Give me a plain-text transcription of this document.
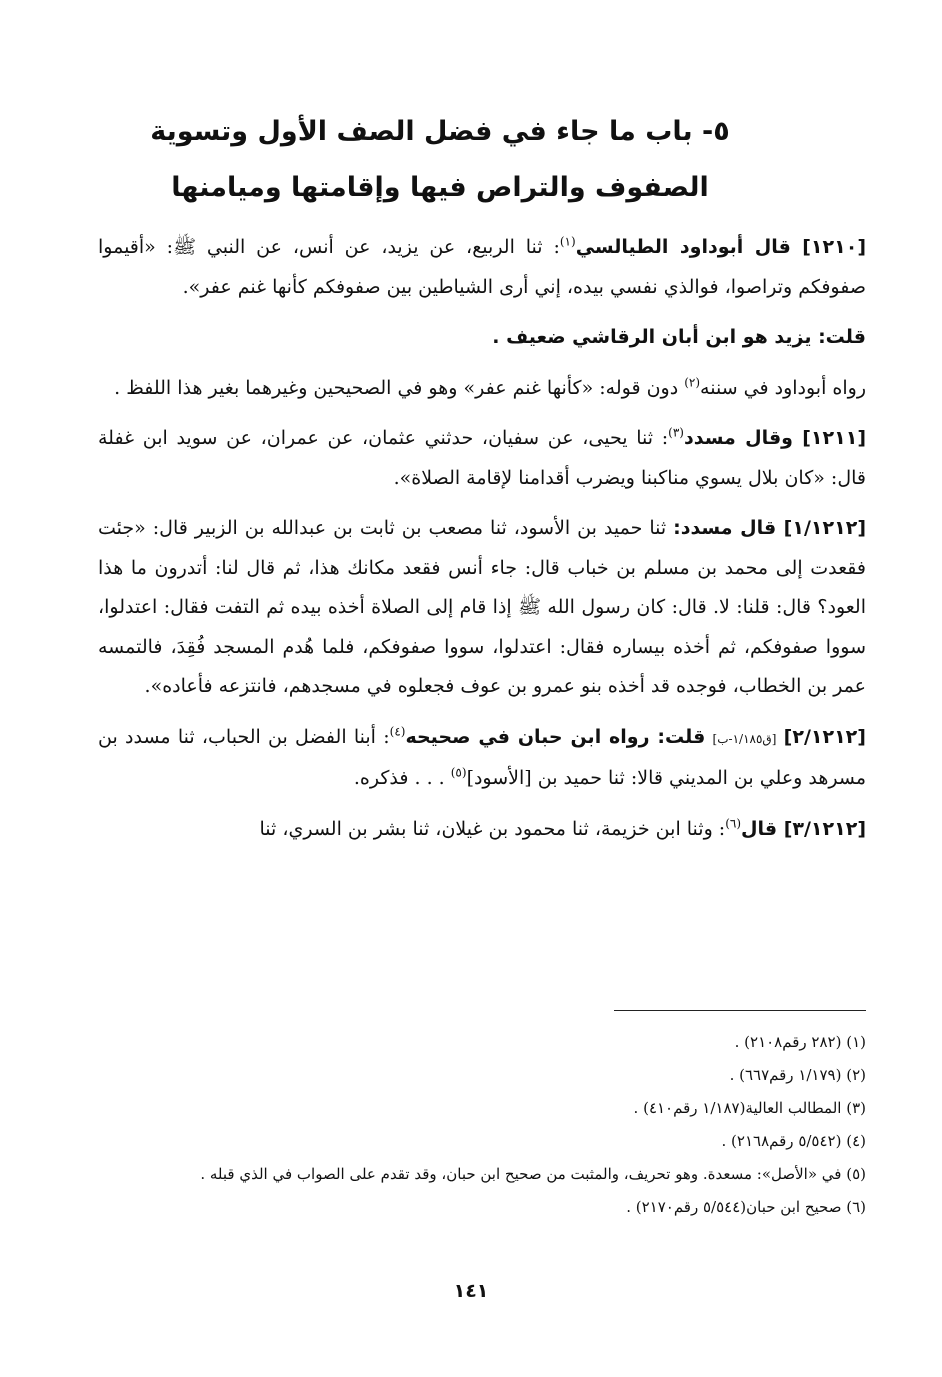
٥- باب ما جاء في فضل الصف الأول وتسوية
الصفوف والتراص فيها وإقامتها وميامنها

[١٢١٠] قال أبوداود الطيالسي$^{(١)}$: ثنا الربيع، عن يزيد، عن أنس، عن النبي ﷺ: «أقيموا صفوفكم وتراصوا، فوالذي نفسي بيده، إني أرى الشياطين بين صفوفكم كأنها غنم عفر».

قلت: يزيد هو ابن أبان الرقاشي ضعيف .

رواه أبوداود في سننه$^{(٢)}$ دون قوله: «كأنها غنم عفر» وهو في الصحيحين وغيرهما بغير هذا اللفظ .

[١٢١١] وقال مسدد$^{(٣)}$: ثنا يحيى، عن سفيان، حدثني عثمان، عن عمران، عن سويد ابن غفلة قال: «كان بلال يسوي مناكبنا ويضرب أقدامنا لإقامة الصلاة».

[١/١٢١٢] قال مسدد: ثنا حميد بن الأسود، ثنا مصعب بن ثابت بن عبدالله بن الزبير قال: «جئت فقعدت إلى محمد بن مسلم بن خباب قال: جاء أنس فقعد مكانك هذا، ثم قال لنا: أتدرون ما هذا العود؟ قال: قلنا: لا. قال: كان رسول الله ﷺ إذا قام إلى الصلاة أخذه بيده ثم التفت فقال: اعتدلوا، سووا صفوفكم، ثم أخذه بيساره فقال: اعتدلوا، سووا صفوفكم، فلما هُدم المسجد فُقِدَ، فالتمسه عمر بن الخطاب، فوجده قد أخذه بنو عمرو بن عوف فجعلوه في مسجدهم، فانتزعه فأعاده».

[٢/١٢١٢] [ق١/١٨٥-ب] قلت: رواه ابن حبان في صحيحه$^{(٤)}$: أبنا الفضل بن الحباب، ثنا مسدد بن مسرهد وعلي بن المديني قالا: ثنا حميد بن [الأسود]$^{(٥)}$ . . . فذكره.

[٣/١٢١٢] قال$^{(٦)}$: وثنا ابن خزيمة، ثنا محمود بن غيلان، ثنا بشر بن السري، ثنا

(١) (٢٨٢ رقم٢١٠٨) .

(٢) (١/١٧٩ رقم٦٦٧) .

(٣) المطالب العالية(١/١٨٧ رقم٤١٠) .

(٤) (٥/٥٤٢ رقم٢١٦٨) .

(٥) في «الأصل»: مسعدة. وهو تحريف، والمثبت من صحيح ابن حبان، وقد تقدم على الصواب في الذي قبله .

(٦) صحيح ابن حبان(٥/٥٤٤ رقم٢١٧٠) .

١٤١
